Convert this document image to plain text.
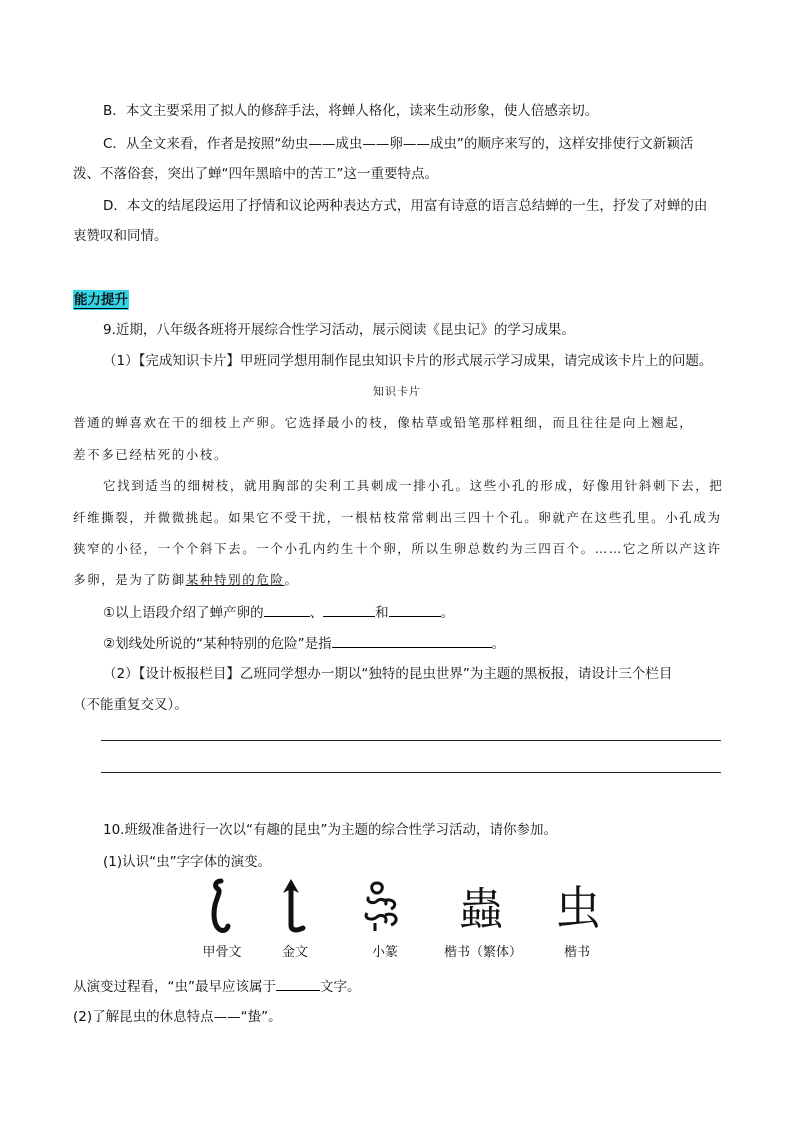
B．本文主要采用了拟人的修辞手法，将蝉人格化，读来生动形象，使人倍感亲切。
C．从全文来看，作者是按照“幼虫——成虫——卵——成虫”的顺序来写的，这样安排使行文新颖活
泼、不落俗套，突出了蝉“四年黑暗中的苦工”这一重要特点。
D．本文的结尾段运用了抒情和议论两种表达方式，用富有诗意的语言总结蝉的一生，抒发了对蝉的由
衷赞叹和同情。
能力提升
9.近期，八年级各班将开展综合性学习活动，展示阅读《昆虫记》的学习成果。
（1）【完成知识卡片】甲班同学想用制作昆虫知识卡片的形式展示学习成果，请完成该卡片上的问题。
知识卡片
普通的蝉喜欢在干的细枝上产卵。它选择最小的枝，像枯草或铅笔那样粗细，而且往往是向上翘起，
差不多已经枯死的小枝。
它找到适当的细树枝，就用胸部的尖利工具刺成一排小孔。这些小孔的形成，好像用针斜刺下去，把
纤维撕裂，并微微挑起。如果它不受干扰，一根枯枝常常刺出三四十个孔。卵就产在这些孔里。小孔成为
狭窄的小径，一个个斜下去。一个小孔内约生十个卵，所以生卵总数约为三四百个。……它之所以产这许
多卵，是为了防御某种特别的危险。
①以上语段介绍了蝉产卵的	、	和	。
②划线处所说的“某种特别的危险”是指	。
（2）【设计板报栏目】乙班同学想办一期以“独特的昆虫世界”为主题的黑板报，请设计三个栏目
（不能重复交叉）。
10.班级准备进行一次以“有趣的昆虫”为主题的综合性学习活动，请你参加。
(1)认识“虫”字字体的演变。
蟲	虫
甲骨文	金文	小篆	楷书（繁体）	楷书
从演变过程看，“虫”最早应该属于	文字。
(2)了解昆虫的休息特点——“蛰”。
